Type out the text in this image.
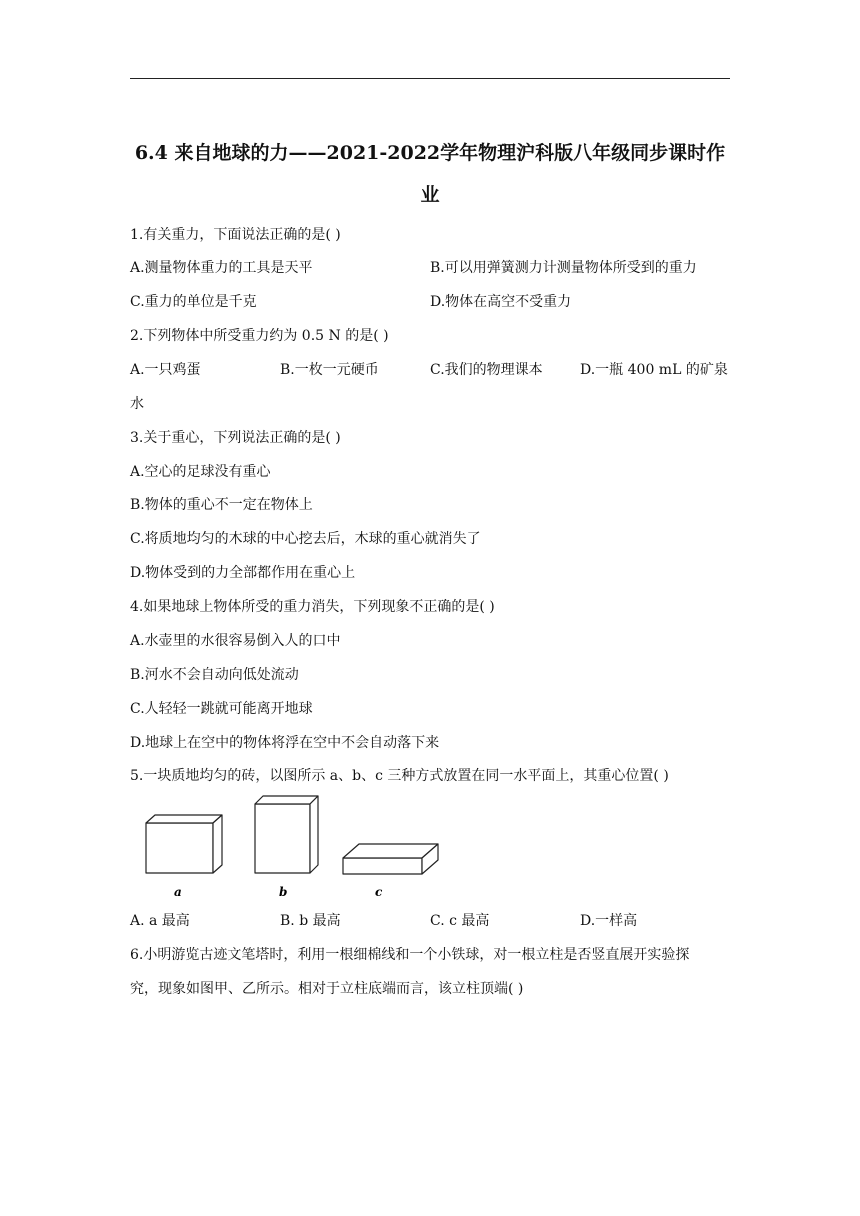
6.4 来自地球的力——2021-2022学年物理沪科版八年级同步课时作
业
1.有关重力，下面说法正确的是( )
A.测量物体重力的工具是天平	B.可以用弹簧测力计测量物体所受到的重力
C.重力的单位是千克	D.物体在高空不受重力
2.下列物体中所受重力约为 0.5 N 的是( )
A.一只鸡蛋	B.一枚一元硬币	C.我们的物理课本	D.一瓶 400 mL 的矿泉
水
3.关于重心，下列说法正确的是( )
A.空心的足球没有重心
B.物体的重心不一定在物体上
C.将质地均匀的木球的中心挖去后，木球的重心就消失了
D.物体受到的力全部都作用在重心上
4.如果地球上物体所受的重力消失，下列现象不正确的是( )
A.水壶里的水很容易倒入人的口中
B.河水不会自动向低处流动
C.人轻轻一跳就可能离开地球
D.地球上在空中的物体将浮在空中不会自动落下来
5.一块质地均匀的砖，以图所示 a、b、c 三种方式放置在同一水平面上，其重心位置( )
a	b	c
A. a 最高	B. b 最高	C. c 最高	D.一样高
6.小明游览古迹文笔塔时，利用一根细棉线和一个小铁球，对一根立柱是否竖直展开实验探
究，现象如图甲、乙所示。相对于立柱底端而言，该立柱顶端( )
